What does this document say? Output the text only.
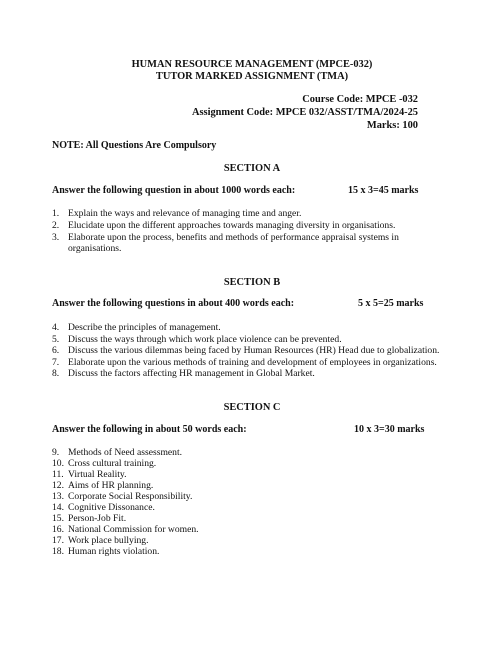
HUMAN RESOURCE MANAGEMENT (MPCE-032)
TUTOR MARKED ASSIGNMENT (TMA)
Course Code: MPCE -032
Assignment Code: MPCE 032/ASST/TMA/2024-25
Marks: 100
NOTE: All Questions Are Compulsory
SECTION A
Answer the following question in about 1000 words each:	15 x 3=45 marks
1. Explain the ways and relevance of managing time and anger.
2. Elucidate upon the different approaches towards managing diversity in organisations.
3. Elaborate upon the process, benefits and methods of performance appraisal systems in
organisations.
SECTION B
Answer the following questions in about 400 words each:	5 x 5=25 marks
4. Describe the principles of management.
5. Discuss the ways through which work place violence can be prevented.
6. Discuss the various dilemmas being faced by Human Resources (HR) Head due to globalization.
7. Elaborate upon the various methods of training and development of employees in organizations.
8. Discuss the factors affecting HR management in Global Market.
SECTION C
Answer the following in about 50 words each:	10 x 3=30 marks
9. Methods of Need assessment.
10. Cross cultural training.
11. Virtual Reality.
12. Aims of HR planning.
13. Corporate Social Responsibility.
14. Cognitive Dissonance.
15. Person-Job Fit.
16. National Commission for women.
17. Work place bullying.
18. Human rights violation.
